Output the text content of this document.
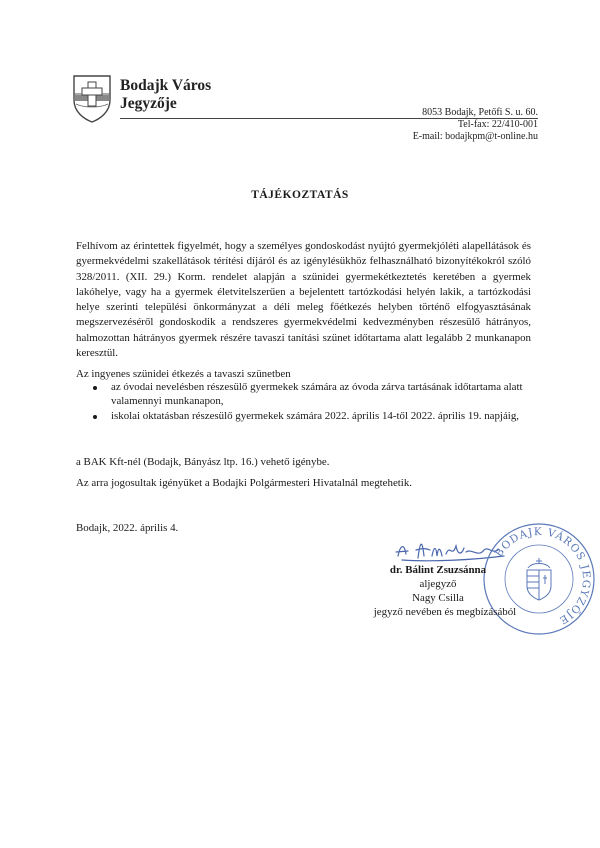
Bodajk Város
Jegyzője
8053 Bodajk, Petőfi S. u. 60.
Tel-fax: 22/410-001
E-mail: bodajkpm@t-online.hu
TÁJÉKOZTATÁS
Felhívom az érintettek figyelmét, hogy a személyes gondoskodást nyújtó gyermekjóléti alapellátások és gyermekvédelmi szakellátások térítési díjáról és az igénylésükhöz felhasználható bizonyítékokról szóló 328/2011. (XII. 29.) Korm. rendelet alapján a szünidei gyermekétkeztetés keretében a gyermek lakóhelye, vagy ha a gyermek életvitelszerűen a bejelentett tartózkodási helyén lakik, a tartózkodási helye szerinti települési önkormányzat a déli meleg főétkezés helyben történő elfogyasztásának megszervezéséről gondoskodik a rendszeres gyermekvédelmi kedvezményben részesülő hátrányos, halmozottan hátrányos gyermek részére tavaszi tanítási szünet időtartama alatt legalább 2 munkanapon keresztül.
Az ingyenes szünidei étkezés a tavaszi szünetben
az óvodai nevelésben részesülő gyermekek számára az óvoda zárva tartásának időtartama alatt valamennyi munkanapon,
iskolai oktatásban részesülő gyermekek számára 2022. április 14-től 2022. április 19. napjáig,
a BAK Kft-nél (Bodajk, Bányász ltp. 16.) vehető igénybe.
Az arra jogosultak igényüket a Bodajki Polgármesteri Hivatalnál megtehetik.
Bodajk, 2022. április 4.
BODAJK VÁROS JEGYZŐJE
dr. Bálint Zsuzsánna
aljegyző
Nagy Csilla
jegyző nevében és megbízásából
